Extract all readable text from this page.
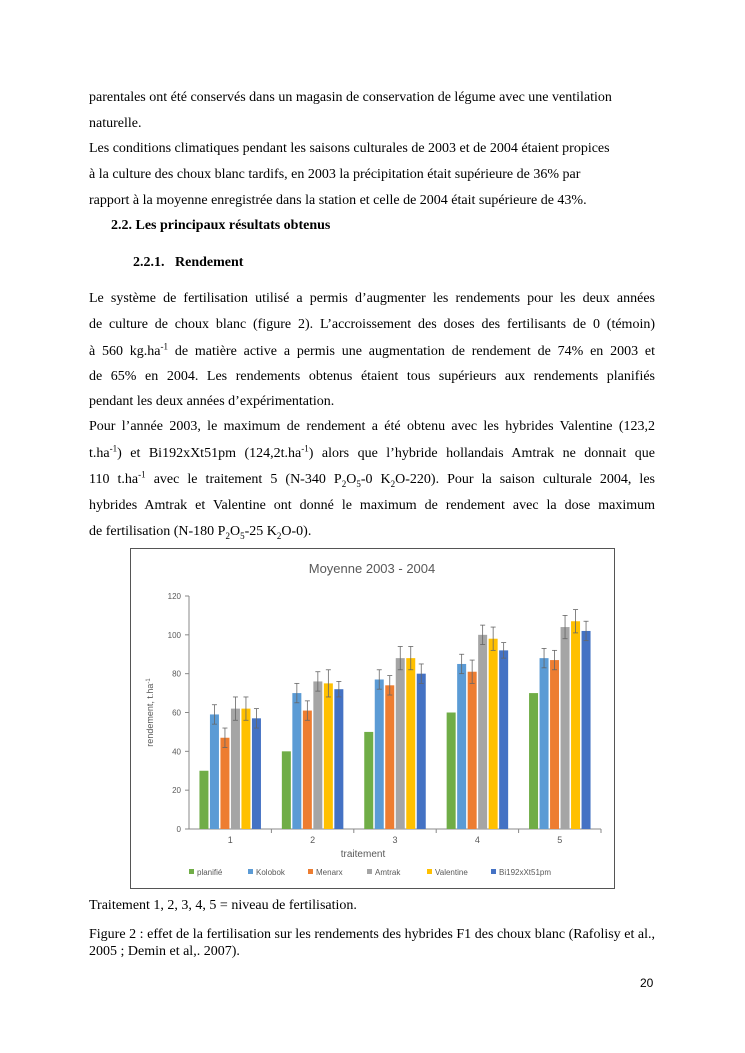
parentales ont été conservés dans un magasin de conservation de légume avec une ventilation
naturelle.
Les conditions climatiques pendant les saisons culturales de 2003 et de 2004 étaient propices
à la culture des choux blanc tardifs, en 2003 la précipitation était supérieure de 36% par
rapport à la moyenne enregistrée dans la station et celle de 2004 était supérieure de 43%.
2.2. Les principaux résultats obtenus
2.2.1. Rendement
Le système de fertilisation utilisé a permis d’augmenter les rendements pour les deux années
de culture de choux blanc (figure 2). L’accroissement des doses des fertilisants de 0 (témoin)
à 560 $kg.ha^{-1}$ de matière active a permis une augmentation de rendement de 74% en 2003 et
de 65% en 2004. Les rendements obtenus étaient tous supérieurs aux rendements planifiés
pendant les deux années d’expérimentation.
Pour l’année 2003, le maximum de rendement a été obtenu avec les hybrides Valentine (123,2
$t.ha^{-1}$) et Bi192xXt51pm $(124,2t.ha^{-1})$ alors que l’hybride hollandais Amtrak ne donnait que
110 $t.ha^{-1}$ avec le traitement 5 (N-340 $P_2O_5-0$ $K_2O-220$). Pour la saison culturale 2004, les
hybrides Amtrak et Valentine ont donné le maximum de rendement avec la dose maximum
de fertilisation (N-180 $P_2O_5-25$ $K_2O-0$).
Moyenne 2003 - 2004
0
20
40
60
80
100
120
rendement, $t.ha^{-1}$
1	2	3	4	5
traitement
planifié	Kolobok	Menarx	Amtrak	Valentine	Bi192xXt51pm
Traitement 1, 2, 3, 4, 5 = niveau de fertilisation.
Figure 2 : effet de la fertilisation sur les rendements des hybrides F1 des choux blanc (Rafolisy et al., 2005 ; Demin et al,. 2007).
20
